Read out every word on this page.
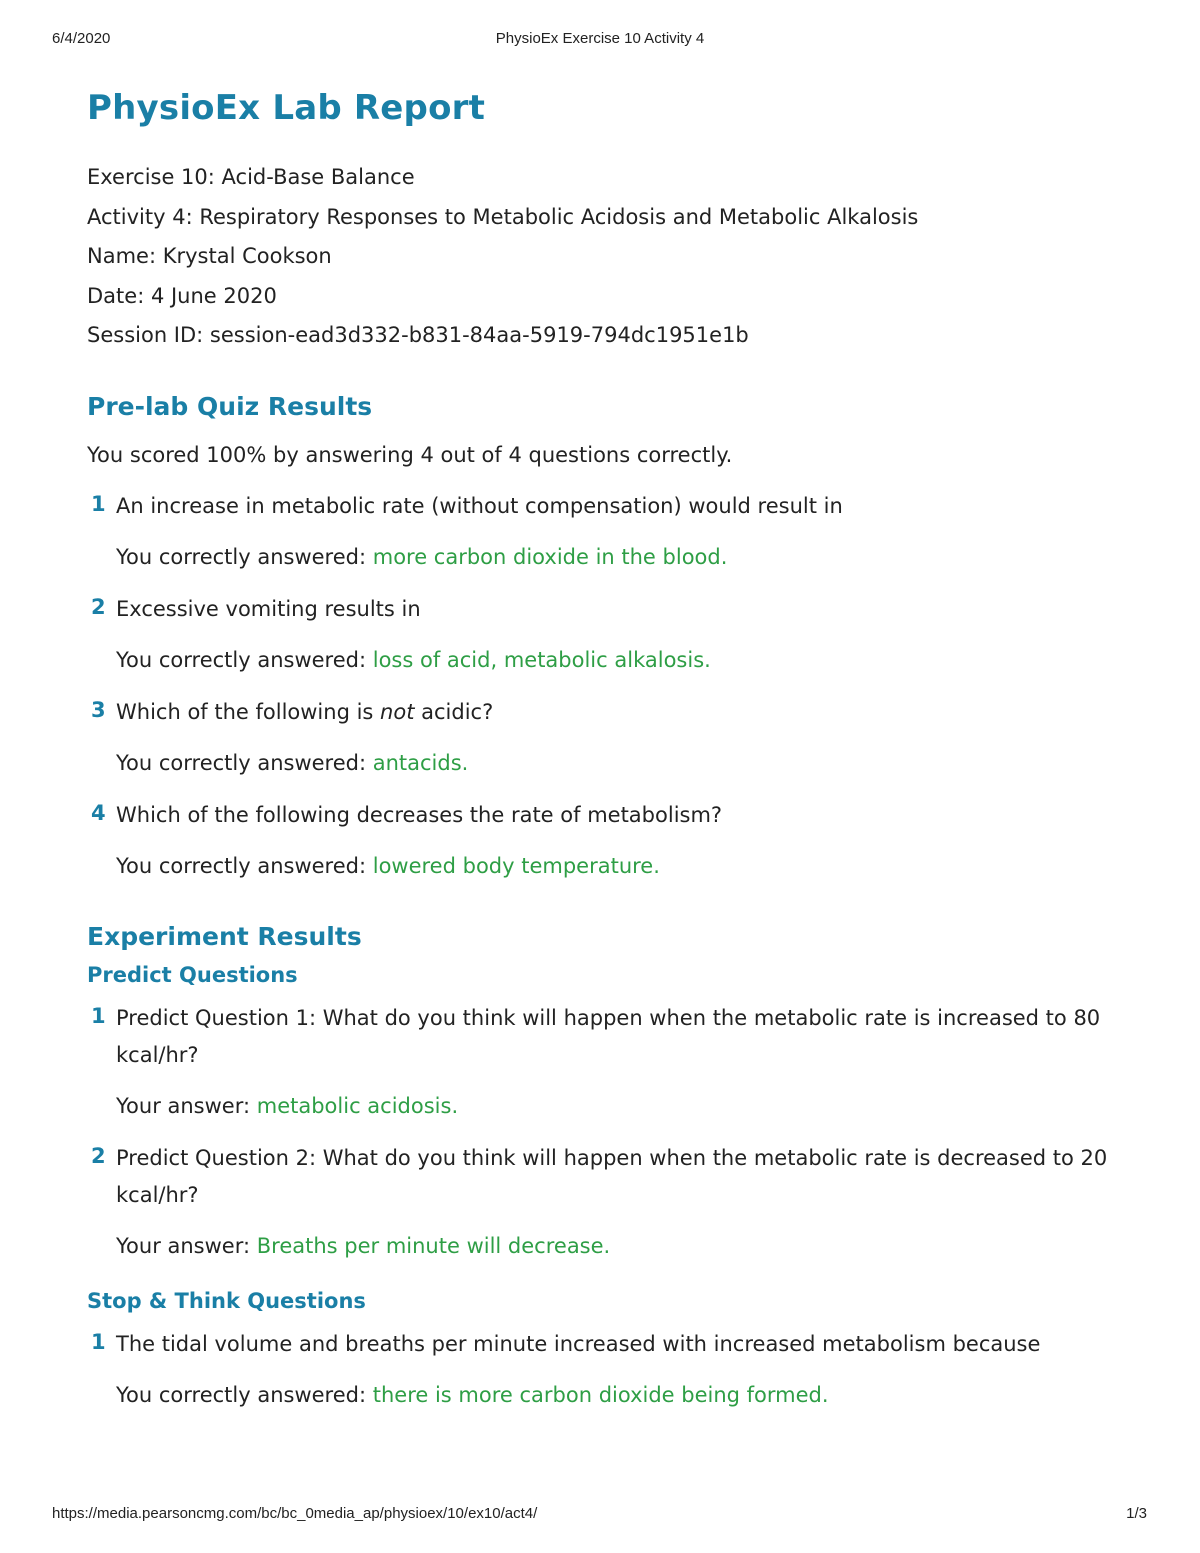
6/4/2020	PhysioEx Exercise 10 Activity 4
PhysioEx Lab Report
Exercise 10: Acid-Base Balance
Activity 4: Respiratory Responses to Metabolic Acidosis and Metabolic Alkalosis
Name: Krystal Cookson
Date: 4 June 2020
Session ID: session-ead3d332-b831-84aa-5919-794dc1951e1b
Pre-lab Quiz Results
You scored 100% by answering 4 out of 4 questions correctly.
1 An increase in metabolic rate (without compensation) would result in
You correctly answered: more carbon dioxide in the blood.
2 Excessive vomiting results in
You correctly answered: loss of acid, metabolic alkalosis.
3 Which of the following is not acidic?
You correctly answered: antacids.
4 Which of the following decreases the rate of metabolism?
You correctly answered: lowered body temperature.
Experiment Results
Predict Questions
1 Predict Question 1: What do you think will happen when the metabolic rate is increased to 80 kcal/hr?
Your answer: metabolic acidosis.
2 Predict Question 2: What do you think will happen when the metabolic rate is decreased to 20 kcal/hr?
Your answer: Breaths per minute will decrease.
Stop & Think Questions
1 The tidal volume and breaths per minute increased with increased metabolism because
You correctly answered: there is more carbon dioxide being formed.
https://media.pearsoncmg.com/bc/bc_0media_ap/physioex/10/ex10/act4/	1/3
